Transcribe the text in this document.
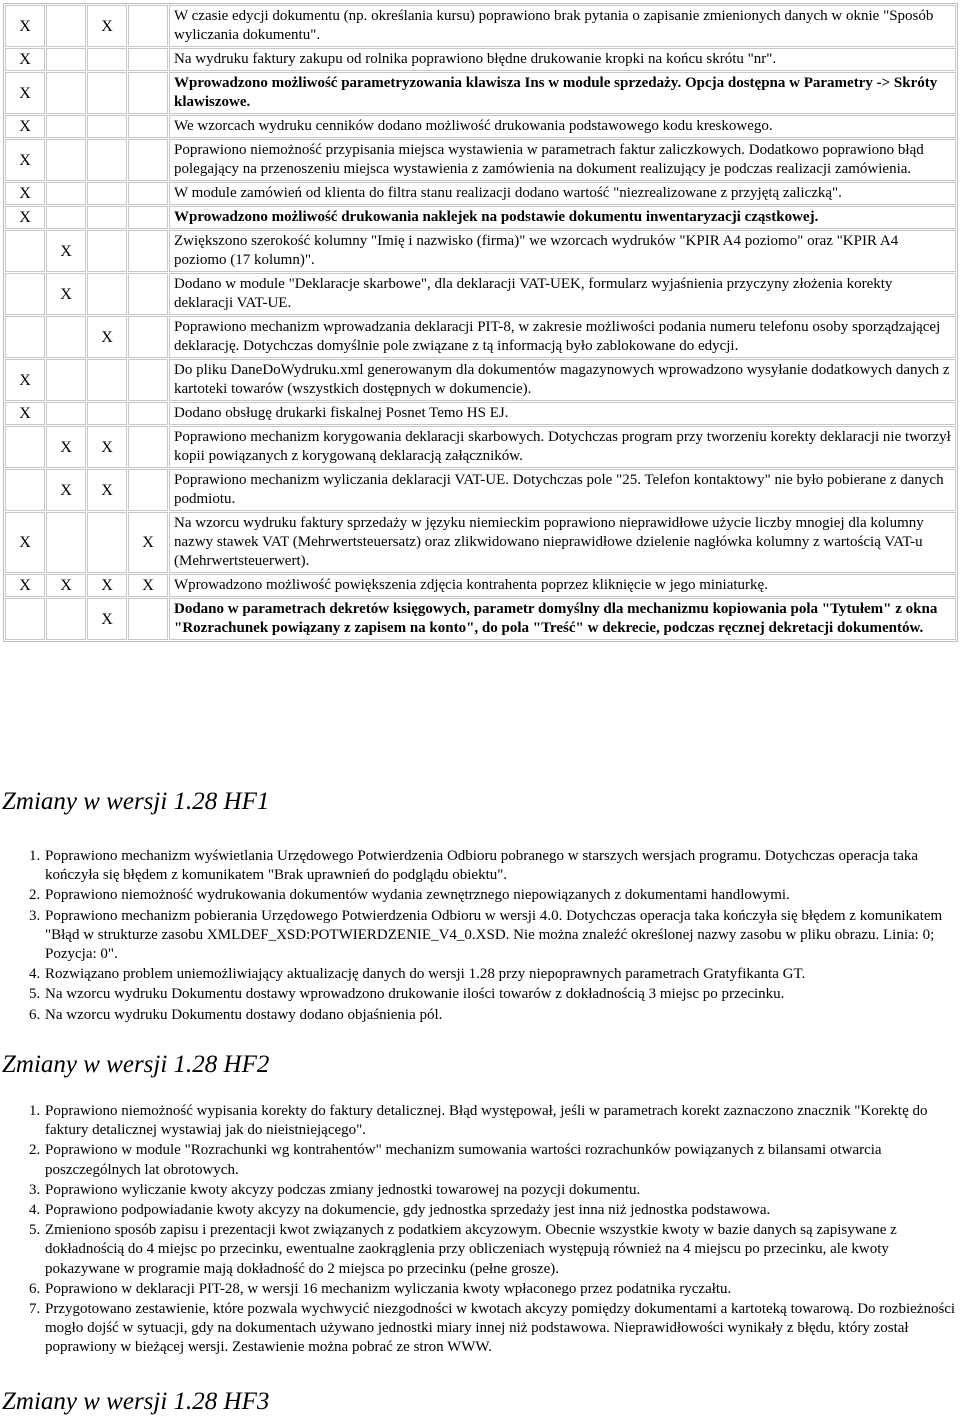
X		X		W czasie edycji dokumentu (np. określania kursu) poprawiono brak pytania o zapisanie zmienionych danych w oknie "Sposób wyliczania dokumentu".
X				Na wydruku faktury zakupu od rolnika poprawiono błędne drukowanie kropki na końcu skrótu "nr".
X				Wprowadzono możliwość parametryzowania klawisza Ins w module sprzedaży. Opcja dostępna w Parametry -> Skróty klawiszowe.
X				We wzorcach wydruku cenników dodano możliwość drukowania podstawowego kodu kreskowego.
X				Poprawiono niemożność przypisania miejsca wystawienia w parametrach faktur zaliczkowych. Dodatkowo poprawiono błąd polegający na przenoszeniu miejsca wystawienia z zamówienia na dokument realizujący je podczas realizacji zamówienia.
X				W module zamówień od klienta do filtra stanu realizacji dodano wartość "niezrealizowane z przyjętą zaliczką".
X				Wprowadzono możliwość drukowania naklejek na podstawie dokumentu inwentaryzacji cząstkowej.
	X			Zwiększono szerokość kolumny "Imię i nazwisko (firma)" we wzorcach wydruków "KPIR A4 poziomo" oraz "KPIR A4 poziomo (17 kolumn)".
	X			Dodano w module "Deklaracje skarbowe", dla deklaracji VAT-UEK, formularz wyjaśnienia przyczyny złożenia korekty deklaracji VAT-UE.
		X		Poprawiono mechanizm wprowadzania deklaracji PIT-8, w zakresie możliwości podania numeru telefonu osoby sporządzającej deklarację. Dotychczas domyślnie pole związane z tą informacją było zablokowane do edycji.
X				Do pliku DaneDoWydruku.xml generowanym dla dokumentów magazynowych wprowadzono wysyłanie dodatkowych danych z kartoteki towarów (wszystkich dostępnych w dokumencie).
X				Dodano obsługę drukarki fiskalnej Posnet Temo HS EJ.
	X	X		Poprawiono mechanizm korygowania deklaracji skarbowych. Dotychczas program przy tworzeniu korekty deklaracji nie tworzył kopii powiązanych z korygowaną deklaracją załączników.
	X	X		Poprawiono mechanizm wyliczania deklaracji VAT-UE. Dotychczas pole "25. Telefon kontaktowy" nie było pobierane z danych podmiotu.
X			X	Na wzorcu wydruku faktury sprzedaży w języku niemieckim poprawiono nieprawidłowe użycie liczby mnogiej dla kolumny nazwy stawek VAT (Mehrwertsteuersatz) oraz zlikwidowano nieprawidłowe dzielenie nagłówka kolumny z wartością VAT-u (Mehrwertsteuerwert).
X	X	X	X	Wprowadzono możliwość powiększenia zdjęcia kontrahenta poprzez kliknięcie w jego miniaturkę.
		X		Dodano w parametrach dekretów księgowych, parametr domyślny dla mechanizmu kopiowania pola "Tytułem" z okna "Rozrachunek powiązany z zapisem na konto", do pola "Treść" w dekrecie, podczas ręcznej dekretacji dokumentów.
Zmiany w wersji 1.28 HF1
1. Poprawiono mechanizm wyświetlania Urzędowego Potwierdzenia Odbioru pobranego w starszych wersjach programu. Dotychczas operacja taka kończyła się błędem z komunikatem "Brak uprawnień do podglądu obiektu".
2. Poprawiono niemożność wydrukowania dokumentów wydania zewnętrznego niepowiązanych z dokumentami handlowymi.
3. Poprawiono mechanizm pobierania Urzędowego Potwierdzenia Odbioru w wersji 4.0. Dotychczas operacja taka kończyła się błędem z komunikatem "Błąd w strukturze zasobu XMLDEF_XSD:POTWIERDZENIE_V4_0.XSD. Nie można znaleźć określonej nazwy zasobu w pliku obrazu. Linia: 0; Pozycja: 0".
4. Rozwiązano problem uniemożliwiający aktualizację danych do wersji 1.28 przy niepoprawnych parametrach Gratyfikanta GT.
5. Na wzorcu wydruku Dokumentu dostawy wprowadzono drukowanie ilości towarów z dokładnością 3 miejsc po przecinku.
6. Na wzorcu wydruku Dokumentu dostawy dodano objaśnienia pól.
Zmiany w wersji 1.28 HF2
1. Poprawiono niemożność wypisania korekty do faktury detalicznej. Błąd występował, jeśli w parametrach korekt zaznaczono znacznik "Korektę do faktury detalicznej wystawiaj jak do nieistniejącego".
2. Poprawiono w module "Rozrachunki wg kontrahentów" mechanizm sumowania wartości rozrachunków powiązanych z bilansami otwarcia poszczególnych lat obrotowych.
3. Poprawiono wyliczanie kwoty akcyzy podczas zmiany jednostki towarowej na pozycji dokumentu.
4. Poprawiono podpowiadanie kwoty akcyzy na dokumencie, gdy jednostka sprzedaży jest inna niż jednostka podstawowa.
5. Zmieniono sposób zapisu i prezentacji kwot związanych z podatkiem akcyzowym. Obecnie wszystkie kwoty w bazie danych są zapisywane z dokładnością do 4 miejsc po przecinku, ewentualne zaokrąglenia przy obliczeniach występują również na 4 miejscu po przecinku, ale kwoty pokazywane w programie mają dokładność do 2 miejsca po przecinku (pełne grosze).
6. Poprawiono w deklaracji PIT-28, w wersji 16 mechanizm wyliczania kwoty wpłaconego przez podatnika ryczałtu.
7. Przygotowano zestawienie, które pozwala wychwycić niezgodności w kwotach akcyzy pomiędzy dokumentami a kartoteką towarową. Do rozbieżności mogło dojść w sytuacji, gdy na dokumentach używano jednostki miary innej niż podstawowa. Nieprawidłowości wynikały z błędu, który został poprawiony w bieżącej wersji. Zestawienie można pobrać ze stron WWW.
Zmiany w wersji 1.28 HF3
